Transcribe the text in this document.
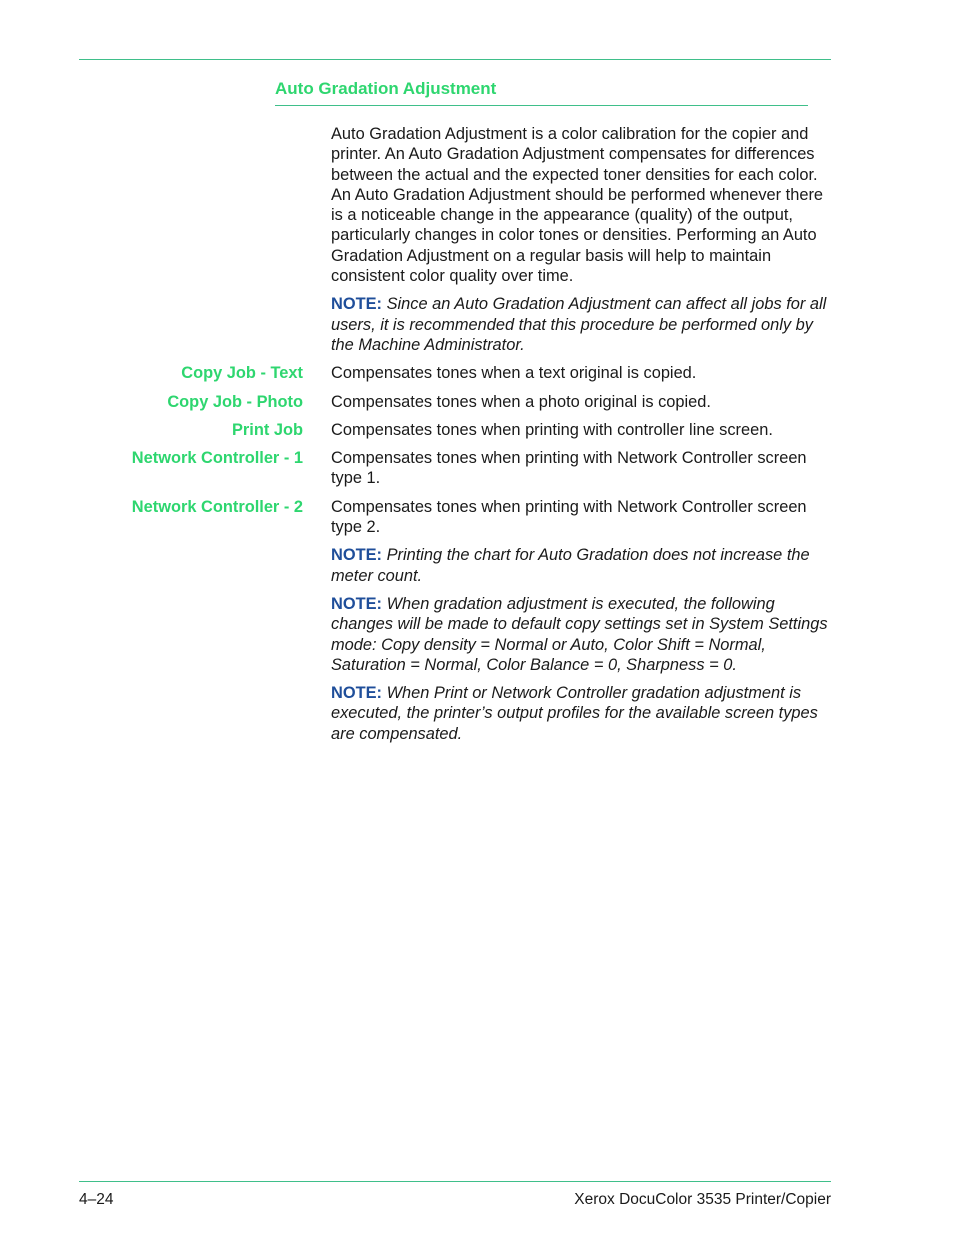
Auto Gradation Adjustment

Auto Gradation Adjustment is a color calibration for the copier and printer. An Auto Gradation Adjustment compensates for differences between the actual and the expected toner densities for each color. An Auto Gradation Adjustment should be performed whenever there is a noticeable change in the appearance (quality) of the output, particularly changes in color tones or densities. Performing an Auto Gradation Adjustment on a regular basis will help to maintain consistent color quality over time.

NOTE: Since an Auto Gradation Adjustment can affect all jobs for all users, it is recommended that this procedure be performed only by the Machine Administrator.

Copy Job - Text Compensates tones when a text original is copied.
Copy Job - Photo Compensates tones when a photo original is copied.
Print Job Compensates tones when printing with controller line screen.
Network Controller - 1 Compensates tones when printing with Network Controller screen type 1.
Network Controller - 2 Compensates tones when printing with Network Controller screen type 2.

NOTE: Printing the chart for Auto Gradation does not increase the meter count.

NOTE: When gradation adjustment is executed, the following changes will be made to default copy settings set in System Settings mode: Copy density = Normal or Auto, Color Shift = Normal, Saturation = Normal, Color Balance = 0, Sharpness = 0.

NOTE: When Print or Network Controller gradation adjustment is executed, the printer’s output profiles for the available screen types are compensated.

4–24	Xerox DocuColor 3535 Printer/Copier
